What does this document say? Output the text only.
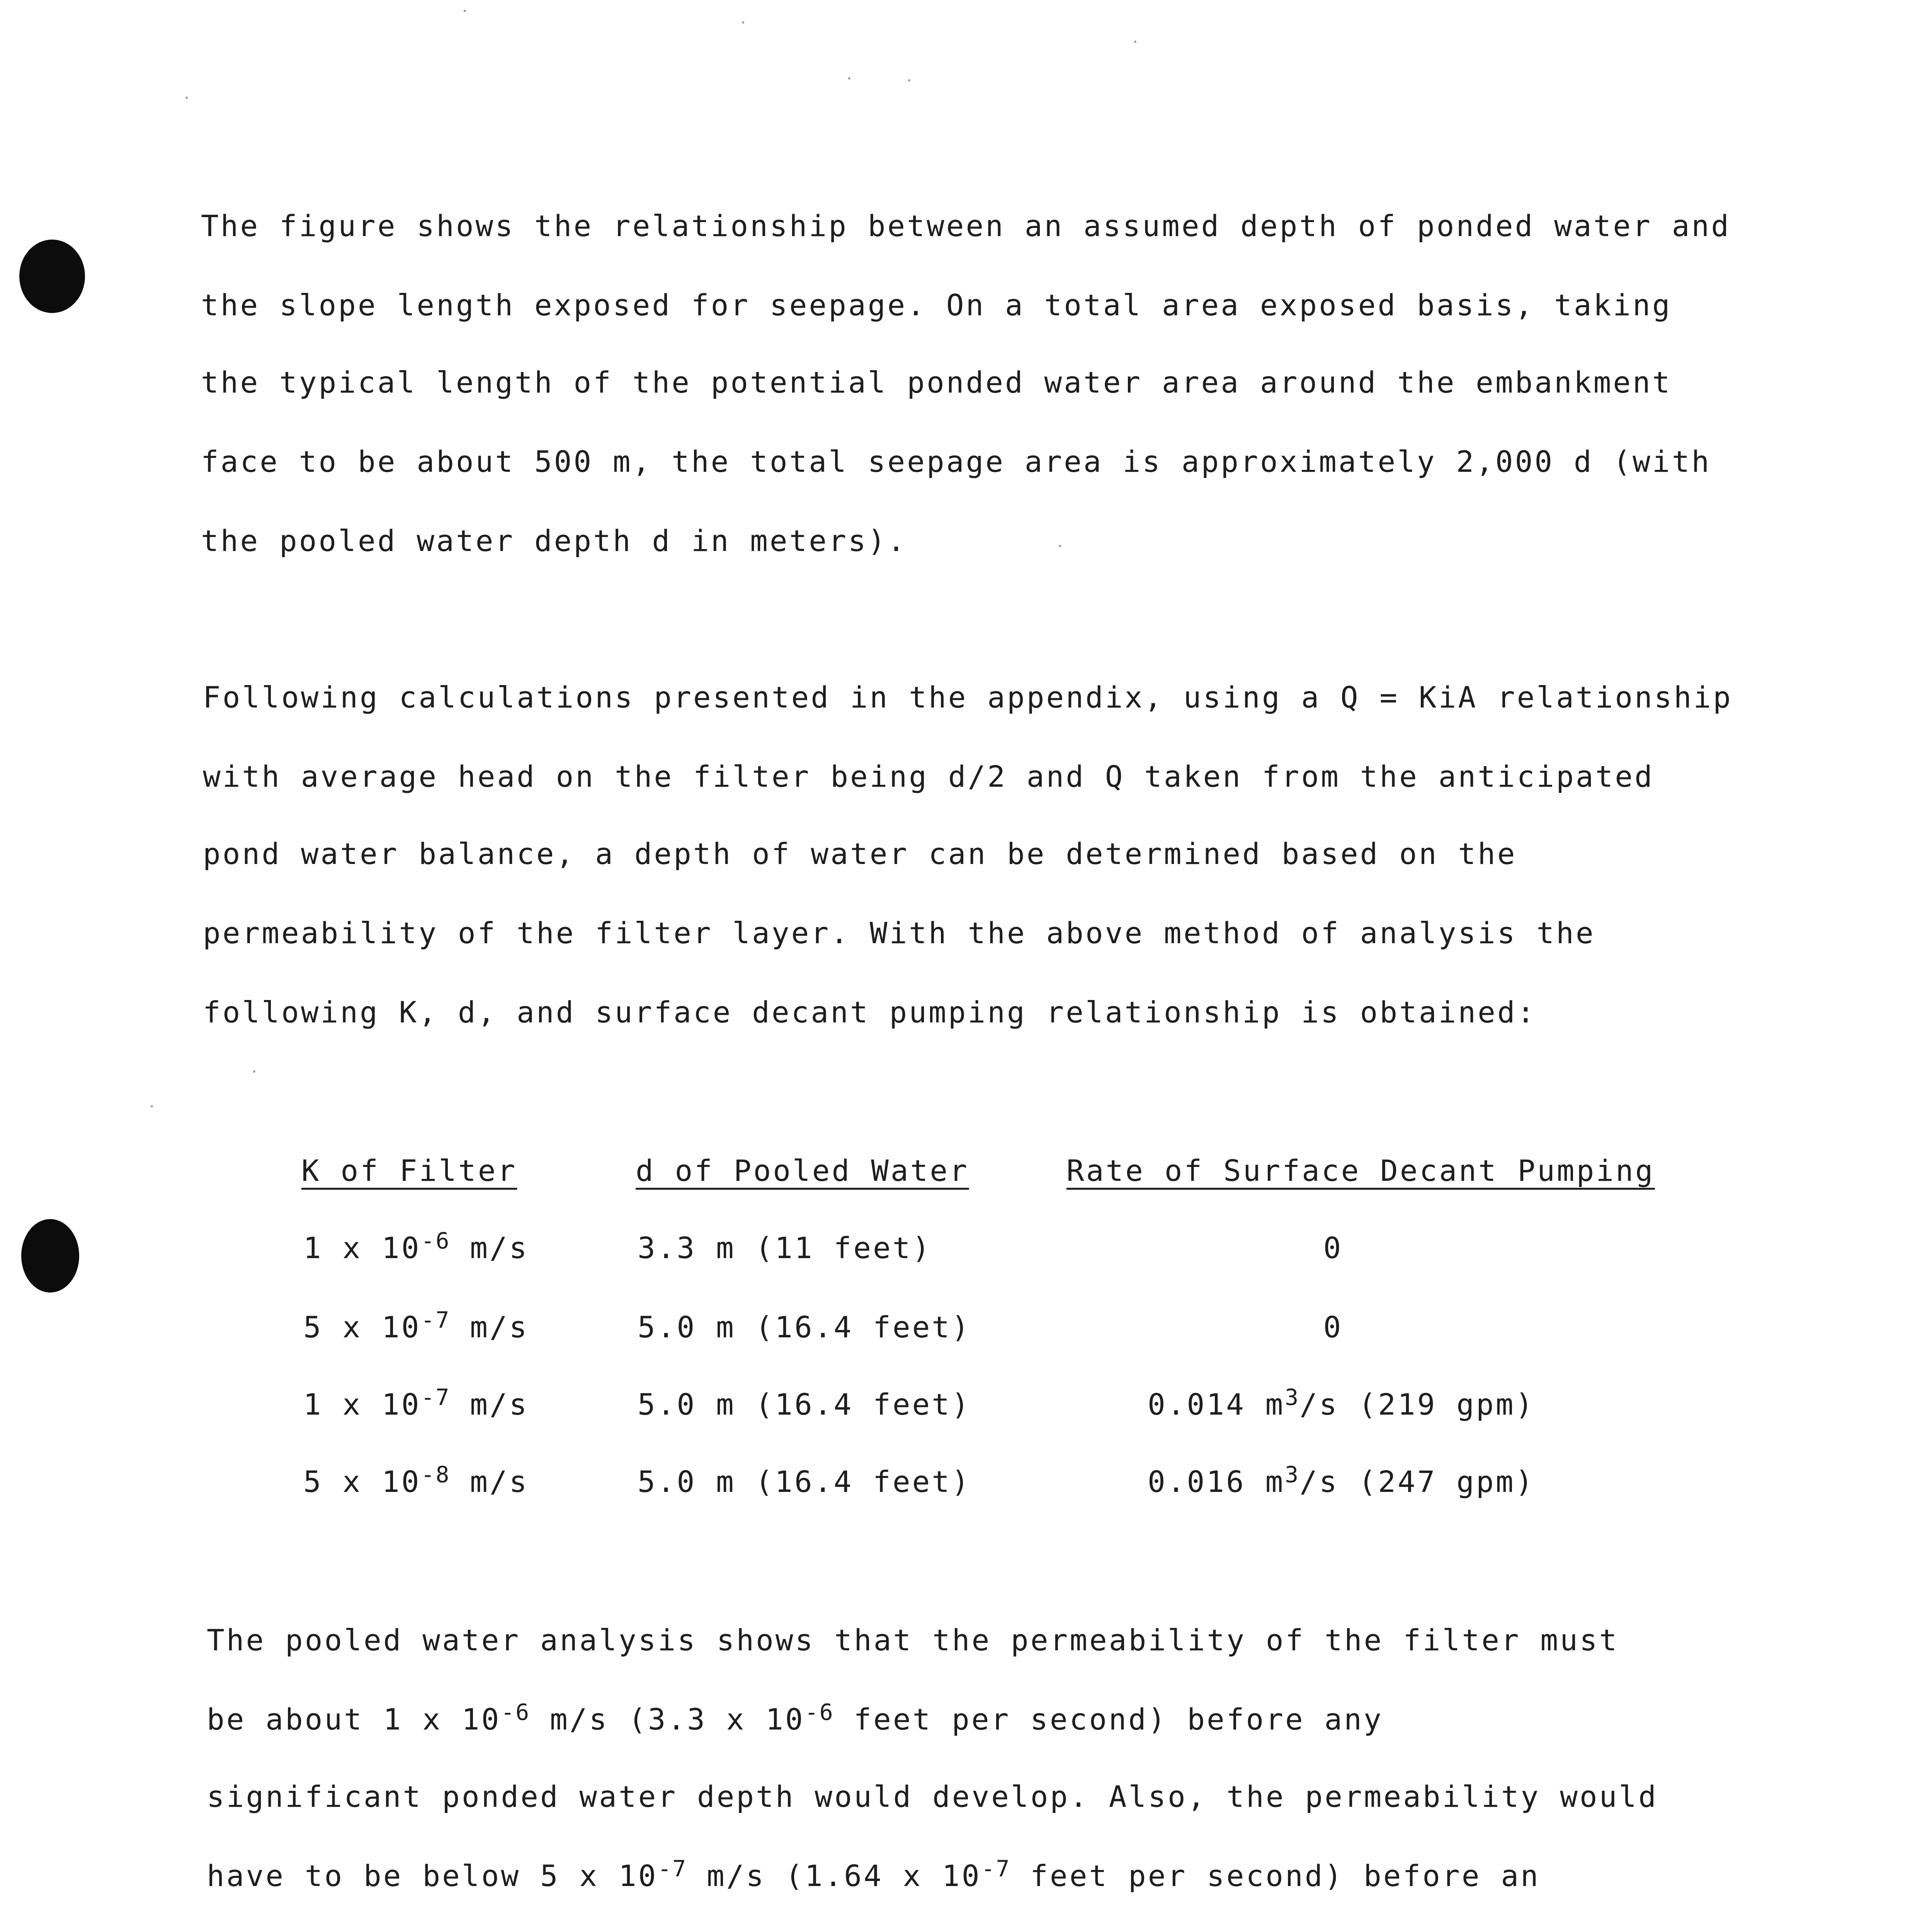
The figure shows the relationship between an assumed depth of ponded water and
the slope length exposed for seepage. On a total area exposed basis, taking
the typical length of the potential ponded water area around the embankment
face to be about 500 m, the total seepage area is approximately 2,000 d (with
the pooled water depth d in meters).
Following calculations presented in the appendix, using a Q = KiA relationship
with average head on the filter being d/2 and Q taken from the anticipated
pond water balance, a depth of water can be determined based on the
permeability of the filter layer. With the above method of analysis the
following K, d, and surface decant pumping relationship is obtained:
K of Filter	d of Pooled Water	Rate of Surface Decant Pumping
1 x $10^{-6}$ m/s	3.3 m (11 feet)	0
5 x $10^{-7}$ m/s	5.0 m (16.4 feet)	0
1 x $10^{-7}$ m/s	5.0 m (16.4 feet)	0.014 $m^3/s$ (219 gpm)
5 x $10^{-8}$ m/s	5.0 m (16.4 feet)	0.016 $m^3/s$ (247 gpm)
The pooled water analysis shows that the permeability of the filter must
be about 1 x $10^{-6}$ m/s (3.3 x $10^{-6}$ feet per second) before any
significant ponded water depth would develop. Also, the permeability would
have to be below 5 x $10^{-7}$ m/s (1.64 x $10^{-7}$ feet per second) before an
